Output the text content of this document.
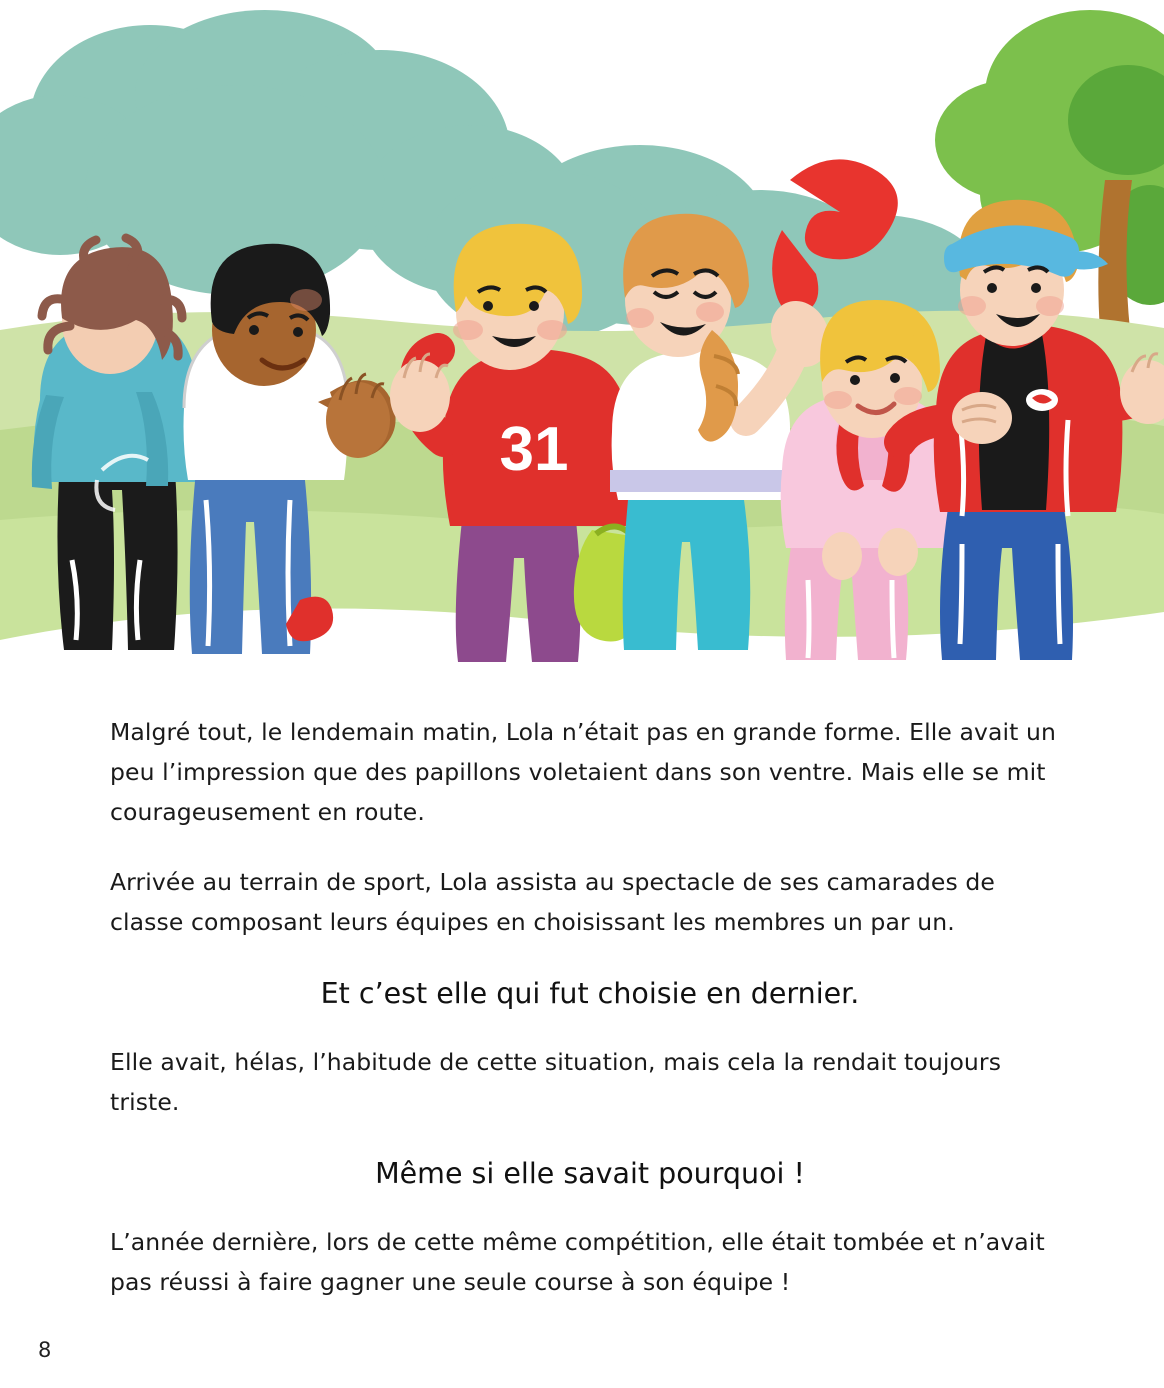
31

Malgré tout, le lendemain matin, Lola n’était pas en grande forme. Elle avait un peu l’impression que des papillons voletaient dans son ventre. Mais elle se mit courageusement en route.

Arrivée au terrain de sport, Lola assista au spectacle de ses camarades de classe composant leurs équipes en choisissant les membres un par un.

Et c’est elle qui fut choisie en dernier.

Elle avait, hélas, l’habitude de cette situation, mais cela la rendait toujours triste.

Même si elle savait pourquoi !

L’année dernière, lors de cette même compétition, elle était tombée et n’avait pas réussi à faire gagner une seule course à son équipe !

8
